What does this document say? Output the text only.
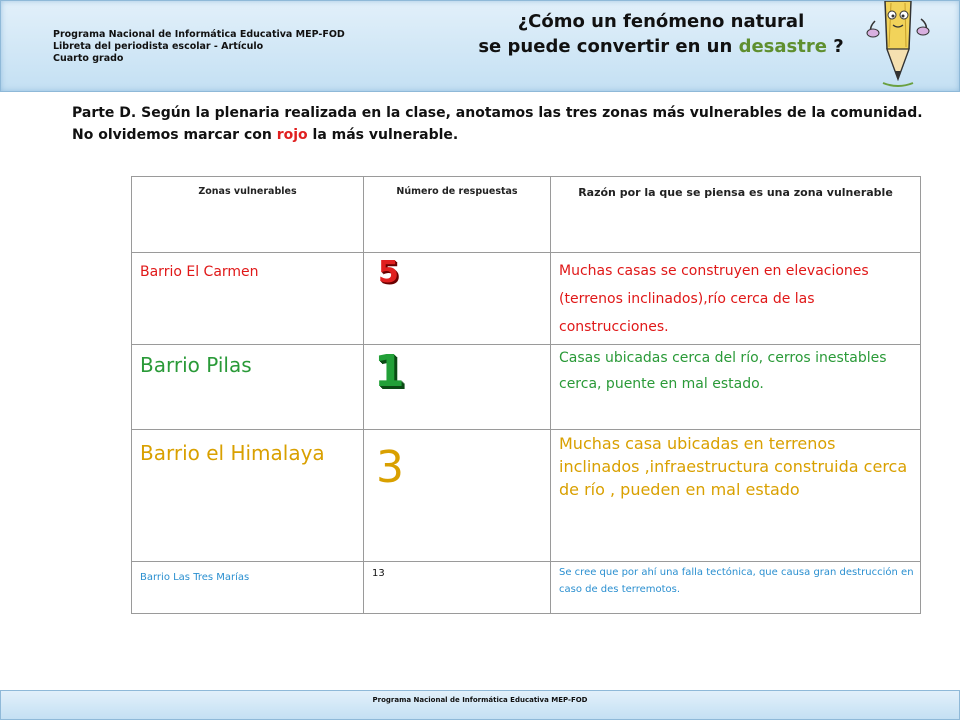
Programa Nacional de Informática Educativa MEP-FOD
Libreta del periodista escolar - Artículo
Cuarto grado
¿Cómo un fenómeno natural
se puede convertir en un desastre ?
Parte D. Según la plenaria realizada en la clase, anotamos las tres zonas más vulnerables de la comunidad. No olvidemos marcar con rojo la más vulnerable.
Zonas vulnerables	Número de respuestas	Razón por la que se piensa es una zona vulnerable
Barrio El Carmen	5	Muchas casas se construyen en elevaciones (terrenos inclinados),río cerca de las construcciones.
Barrio Pilas	1	Casas ubicadas cerca del río, cerros inestables cerca, puente en mal estado.
Barrio el Himalaya	3	Muchas casa ubicadas en terrenos inclinados ,infraestructura construida cerca de río , pueden en mal estado
Barrio Las Tres Marías	13	Se cree que por ahí una falla tectónica, que causa gran destrucción en caso de des terremotos.
Programa Nacional de Informática Educativa MEP-FOD
